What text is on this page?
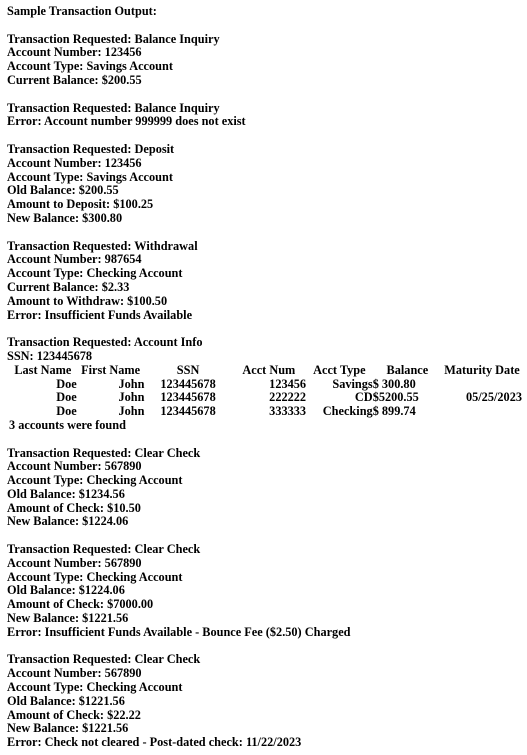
Sample Transaction Output:
Transaction Requested: Balance Inquiry
Account Number: 123456
Account Type: Savings Account
Current Balance: $200.55
Transaction Requested: Balance Inquiry
Error: Account number 999999 does not exist
Transaction Requested: Deposit
Account Number: 123456
Account Type: Savings Account
Old Balance: $200.55
Amount to Deposit: $100.25
New Balance: $300.80
Transaction Requested: Withdrawal
Account Number: 987654
Account Type: Checking Account
Current Balance: $2.33
Amount to Withdraw: $100.50
Error: Insufficient Funds Available
Transaction Requested: Account Info
SSN: 123445678
Last Name	First Name	SSN	Acct Num	Acct Type	Balance	Maturity Date
Doe	John	123445678	123456	Savings	$ 300.80	
Doe	John	123445678	222222	CD	$5200.55	05/25/2023
Doe	John	123445678	333333	Checking	$ 899.74	
3 accounts were found
Transaction Requested: Clear Check
Account Number: 567890
Account Type: Checking Account
Old Balance: $1234.56
Amount of Check: $10.50
New Balance: $1224.06
Transaction Requested: Clear Check
Account Number: 567890
Account Type: Checking Account
Old Balance: $1224.06
Amount of Check: $7000.00
New Balance: $1221.56
Error: Insufficient Funds Available - Bounce Fee ($2.50) Charged
Transaction Requested: Clear Check
Account Number: 567890
Account Type: Checking Account
Old Balance: $1221.56
Amount of Check: $22.22
New Balance: $1221.56
Error: Check not cleared - Post-dated check: 11/22/2023
